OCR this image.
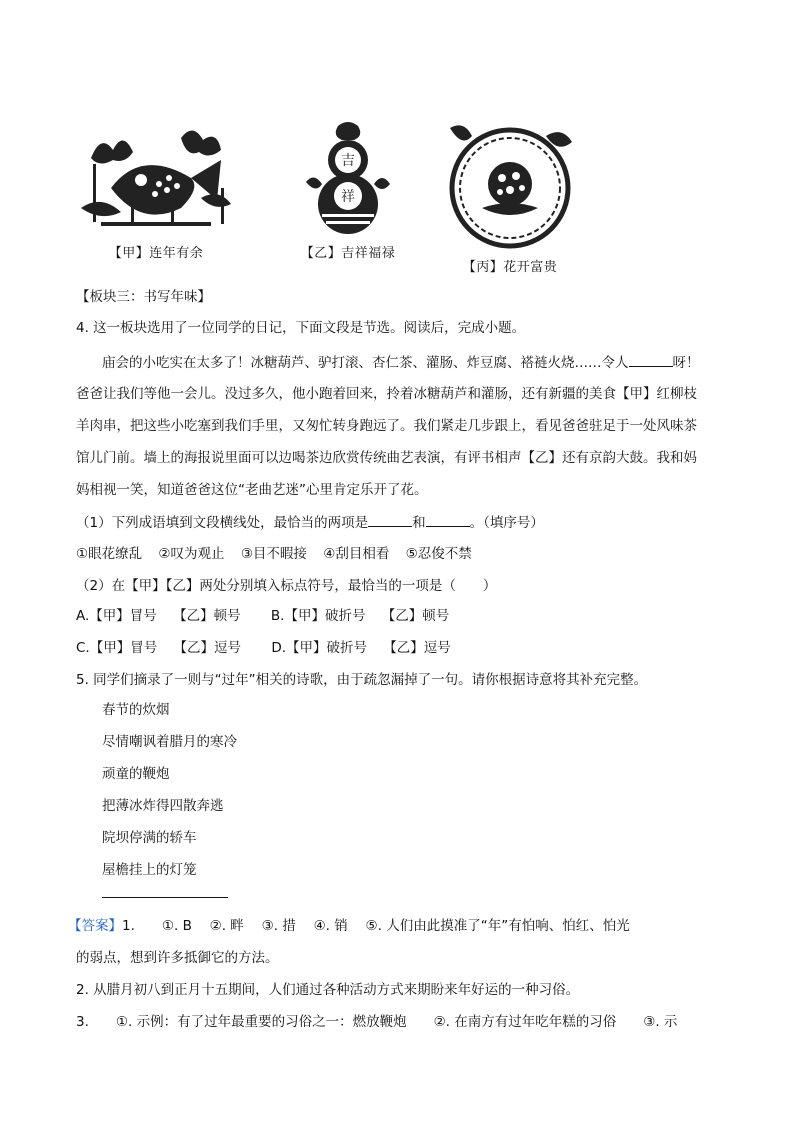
【甲】连年有余
吉
祥
【乙】吉祥福禄
【丙】花开富贵
【板块三：书写年味】
4. 这一板块选用了一位同学的日记，下面文段是节选。阅读后，完成小题。
庙会的小吃实在太多了！冰糖葫芦、驴打滚、杏仁茶、灌肠、炸豆腐、褡裢火烧……令人	呀！
爸爸让我们等他一会儿。没过多久，他小跑着回来，拎着冰糖葫芦和灌肠，还有新疆的美食【甲】红柳枝
羊肉串，把这些小吃塞到我们手里，又匆忙转身跑远了。我们紧走几步跟上，看见爸爸驻足于一处风味茶
馆儿门前。墙上的海报说里面可以边喝茶边欣赏传统曲艺表演，有评书相声【乙】还有京韵大鼓。我和妈
妈相视一笑，知道爸爸这位“老曲艺迷”心里肯定乐开了花。
（1）下列成语填到文段横线处，最恰当的两项是	和	。（填序号）
①眼花缭乱 ②叹为观止 ③目不暇接 ④刮目相看 ⑤忍俊不禁
（2）在【甲】【乙】两处分别填入标点符号，最恰当的一项是（　　）
A.【甲】冒号 【乙】顿号 B.【甲】破折号 【乙】顿号
C.【甲】冒号 【乙】逗号 D.【甲】破折号 【乙】逗号
5. 同学们摘录了一则与“过年”相关的诗歌，由于疏忽漏掉了一句。请你根据诗意将其补充完整。
春节的炊烟
尽情嘲讽着腊月的寒冷
顽童的鞭炮
把薄冰炸得四散奔逃
院坝停满的轿车
屋檐挂上的灯笼
【答案】1.　　①. B　 ②. 畔　 ③. 措　 ④. 销　 ⑤. 人们由此摸准了“年”有怕响、怕红、怕光
的弱点，想到许多抵御它的方法。
2. 从腊月初八到正月十五期间，人们通过各种活动方式来期盼来年好运的一种习俗。
3.　　①. 示例：有了过年最重要的习俗之一：燃放鞭炮　　②. 在南方有过年吃年糕的习俗　　③. 示
